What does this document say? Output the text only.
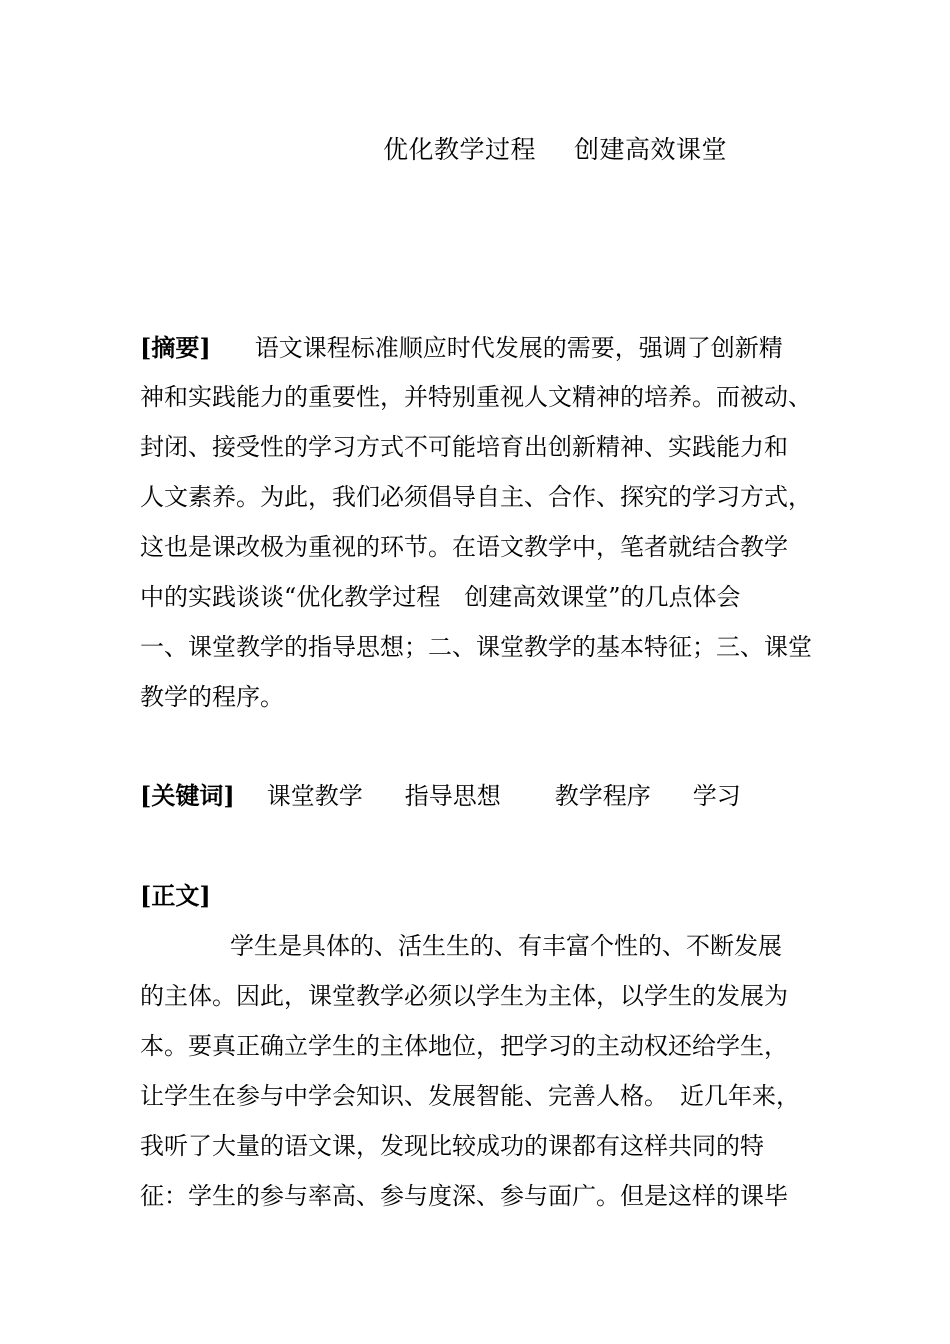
优化教学过程 创建高效课堂
[摘要] 语文课程标准顺应时代发展的需要，强调了创新精
神和实践能力的重要性，并特别重视人文精神的培养。而被动、
封闭、接受性的学习方式不可能培育出创新精神、实践能力和
人文素养。为此，我们必须倡导自主、合作、探究的学习方式，
这也是课改极为重视的环节。在语文教学中，笔者就结合教学
中的实践谈谈“优化教学过程　创建高效课堂”的几点体会
一、课堂教学的指导思想；二、课堂教学的基本特征；三、课堂
教学的程序。
[关键词] 课堂教学 指导思想 教学程序 学习
[正文]
学生是具体的、活生生的、有丰富个性的、不断发展
的主体。因此，课堂教学必须以学生为主体，以学生的发展为
本。要真正确立学生的主体地位，把学习的主动权还给学生，
让学生在参与中学会知识、发展智能、完善人格。　近几年来，
我听了大量的语文课，发现比较成功的课都有这样共同的特
征：学生的参与率高、参与度深、参与面广。但是这样的课毕
